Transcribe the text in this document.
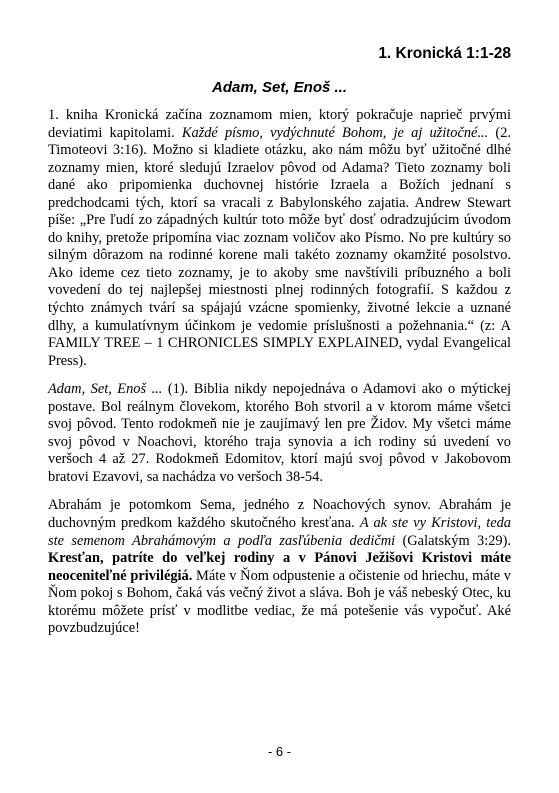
1. Kronická 1:1-28
Adam, Set, Enoš ...

1. kniha Kronická začína zoznamom mien, ktorý pokračuje naprieč prvými deviatimi kapitolami. Každé písmo, vydýchnuté Bohom, je aj užitočné... (2. Timoteovi 3:16). Možno si kladiete otázku, ako nám môžu byť užitočné dlhé zoznamy mien, ktoré sledujú Izraelov pôvod od Adama? Tieto zoznamy boli dané ako pripomienka duchovnej histórie Izraela a Božích jednaní s predchodcami tých, ktorí sa vracali z Babylonského zajatia. Andrew Stewart píše: „Pre ľudí zo západných kultúr toto môže byť dosť odradzujúcim úvodom do knihy, pretože pripomína viac zoznam voličov ako Písmo. No pre kultúry so silným dôrazom na rodinné korene mali takéto zoznamy okamžité posolstvo. Ako ideme cez tieto zoznamy, je to akoby sme navštívili príbuzného a boli vovedení do tej najlepšej miestnosti plnej rodinných fotografií. S každou z týchto známych tvárí sa spájajú vzácne spomienky, životné lekcie a uznané dlhy, a kumulatívnym účinkom je vedomie príslušnosti a požehnania.“ (z: A FAMILY TREE – 1 CHRONICLES SIMPLY EXPLAINED, vydal Evangelical Press).

Adam, Set, Enoš ... (1). Biblia nikdy nepojednáva o Adamovi ako o mýtickej postave. Bol reálnym človekom, ktorého Boh stvoril a v ktorom máme všetci svoj pôvod. Tento rodokmeň nie je zaujímavý len pre Židov. My všetci máme svoj pôvod v Noachovi, ktorého traja synovia a ich rodiny sú uvedení vo veršoch 4 až 27. Rodokmeň Edomitov, ktorí majú svoj pôvod v Jakobovom bratovi Ezavovi, sa nachádza vo veršoch 38-54.

Abrahám je potomkom Sema, jedného z Noachových synov. Abrahám je duchovným predkom každého skutočného kresťana. A ak ste vy Kristovi, teda ste semenom Abrahámovým a podľa zasľúbenia dedičmi (Galatským 3:29). Kresťan, patríte do veľkej rodiny a v Pánovi Ježišovi Kristovi máte neoceniteľné privilégiá. Máte v Ňom odpustenie a očistenie od hriechu, máte v Ňom pokoj s Bohom, čaká vás večný život a sláva. Boh je váš nebeský Otec, ku ktorému môžete prísť v modlitbe vediac, že má potešenie vás vypočuť. Aké povzbudzujúce!

- 6 -
